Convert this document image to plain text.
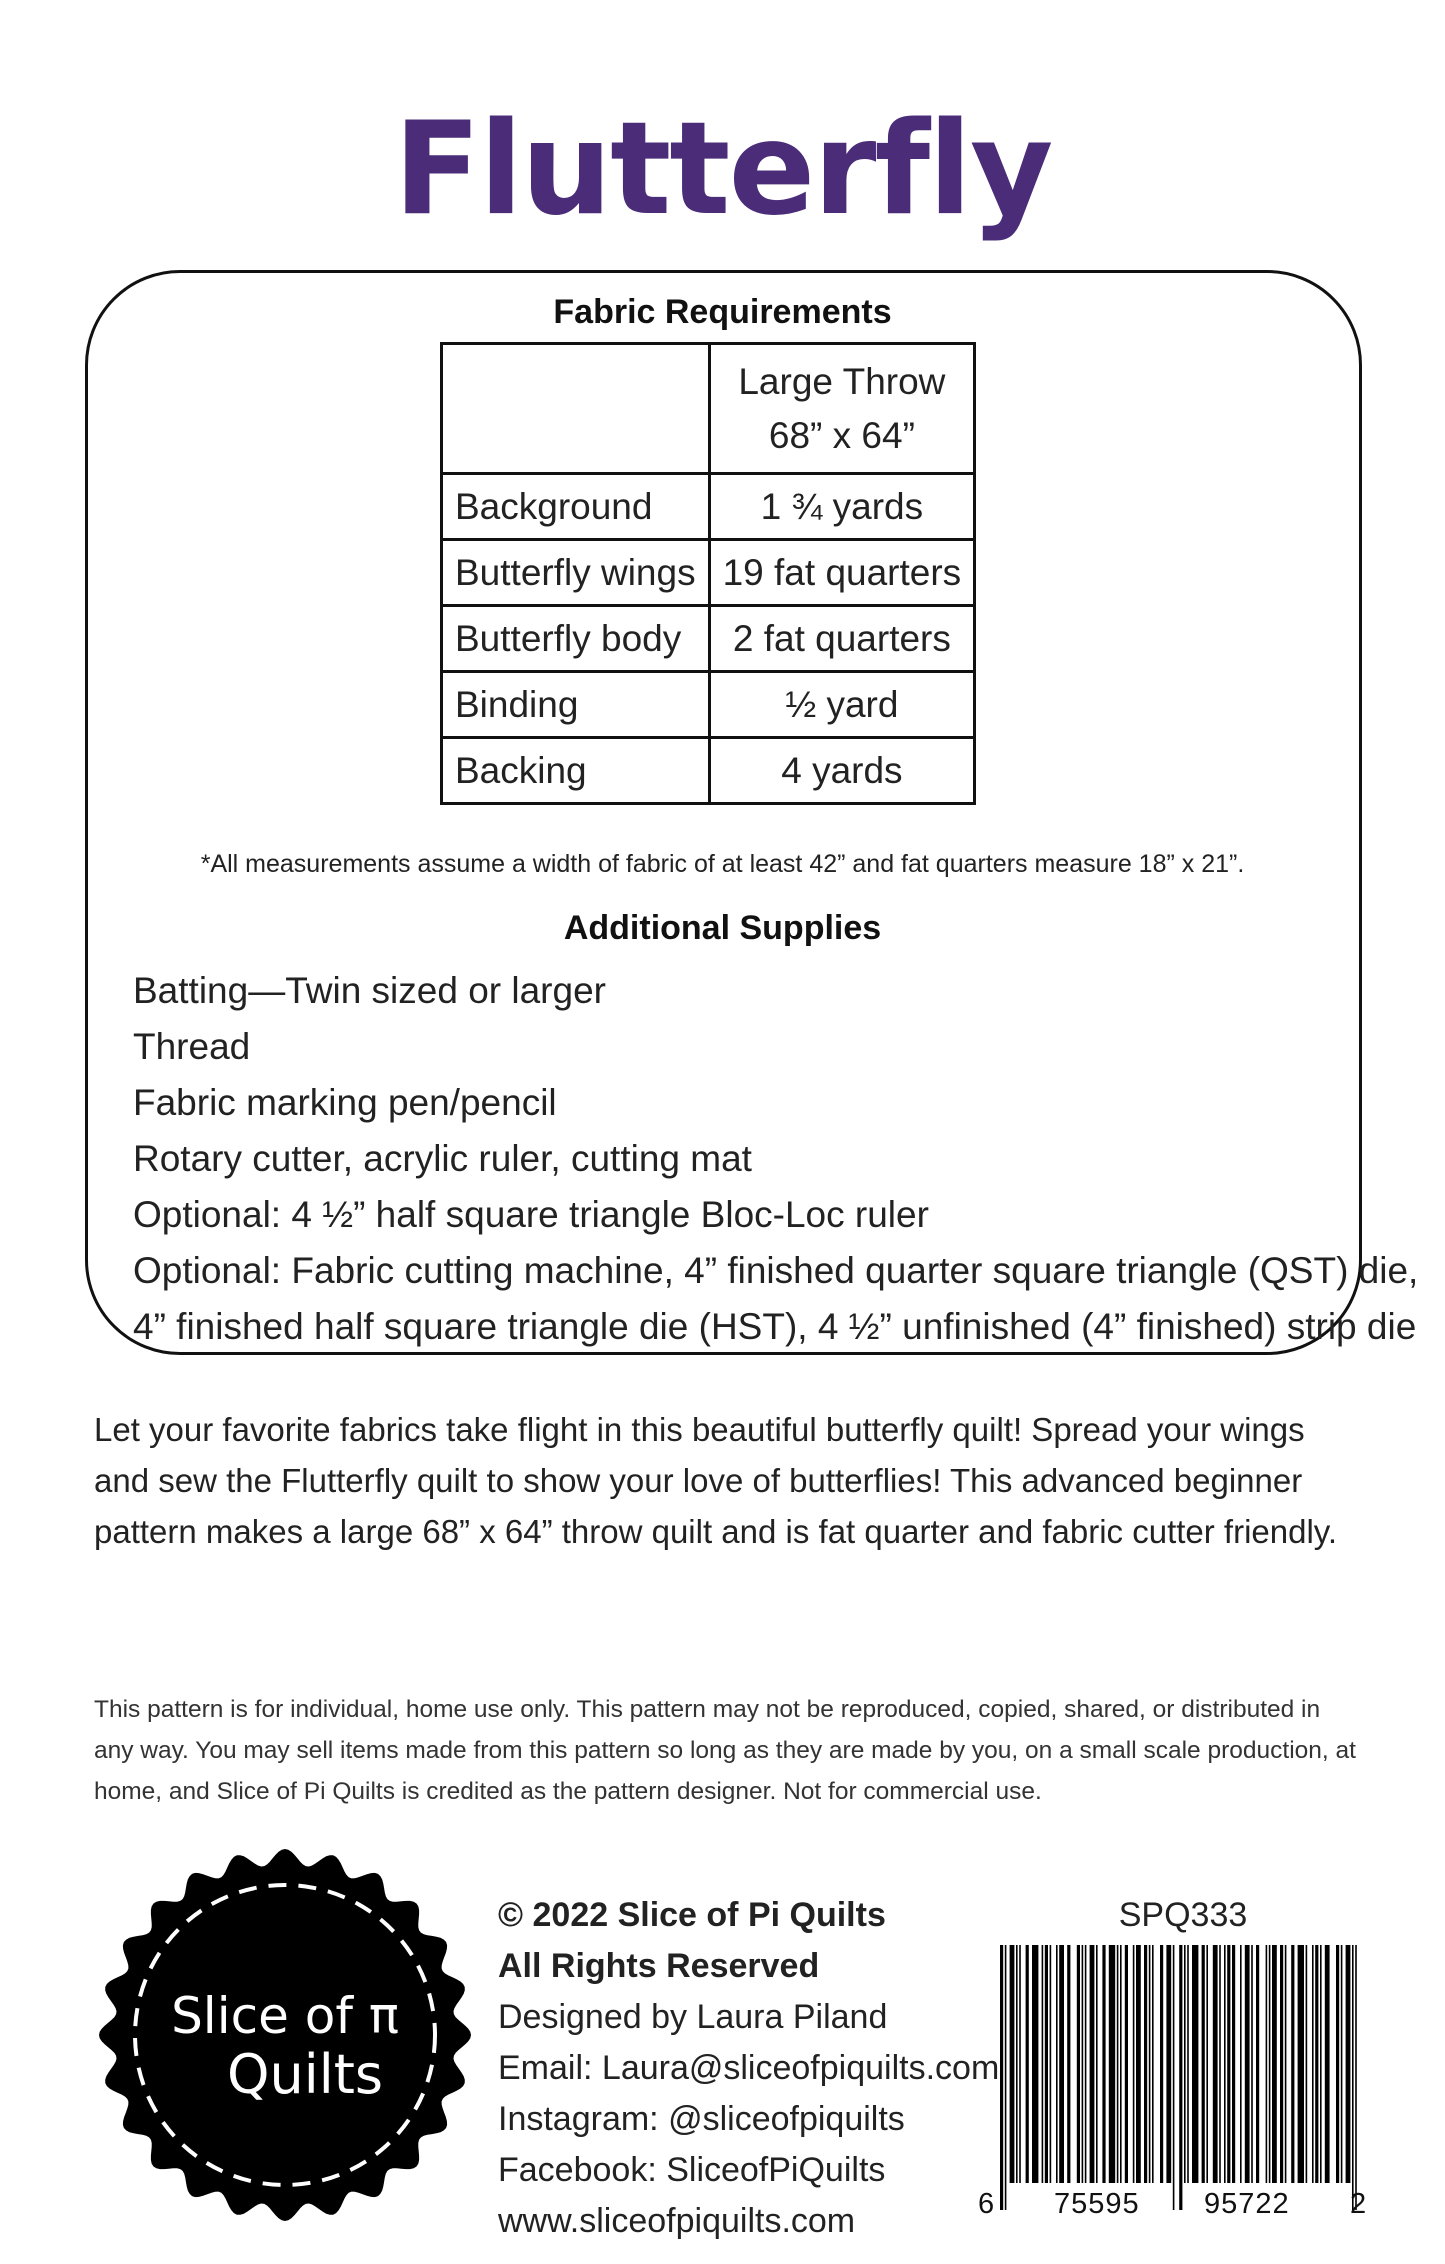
Flutterfly
Fabric Requirements

	Large Throw
68” x 64”

Background	1 ¾ yards
Butterfly wings	19 fat quarters
Butterfly body	2 fat quarters
Binding	½ yard
Backing	4 yards
*All measurements assume a width of fabric of at least 42” and fat quarters measure 18” x 21”.
Additional Supplies
Batting—Twin sized or larger
Thread
Fabric marking pen/pencil
Rotary cutter, acrylic ruler, cutting mat
Optional: 4 ½” half square triangle Bloc-Loc ruler
Optional: Fabric cutting machine, 4” finished quarter square triangle (QST) die,
4” finished half square triangle die (HST), 4 ½” unfinished (4” finished) strip die

Let your favorite fabrics take flight in this beautiful butterfly quilt! Spread your wings and sew the Flutterfly quilt to show your love of butterflies! This advanced beginner pattern makes a large 68” x 64” throw quilt and is fat quarter and fabric cutter friendly.

This pattern is for individual, home use only. This pattern may not be reproduced, copied, shared, or distributed in any way. You may sell items made from this pattern so long as they are made by you, on a small scale production, at home, and Slice of Pi Quilts is credited as the pattern designer. Not for commercial use.

Slice of π
Quilts
© 2022 Slice of Pi Quilts
All Rights Reserved
Designed by Laura Piland
Email: Laura@sliceofpiquilts.com
Instagram: @sliceofpiquilts
Facebook: SliceofPiQuilts
www.sliceofpiquilts.com
SPQ333
6 75595 95722 2
